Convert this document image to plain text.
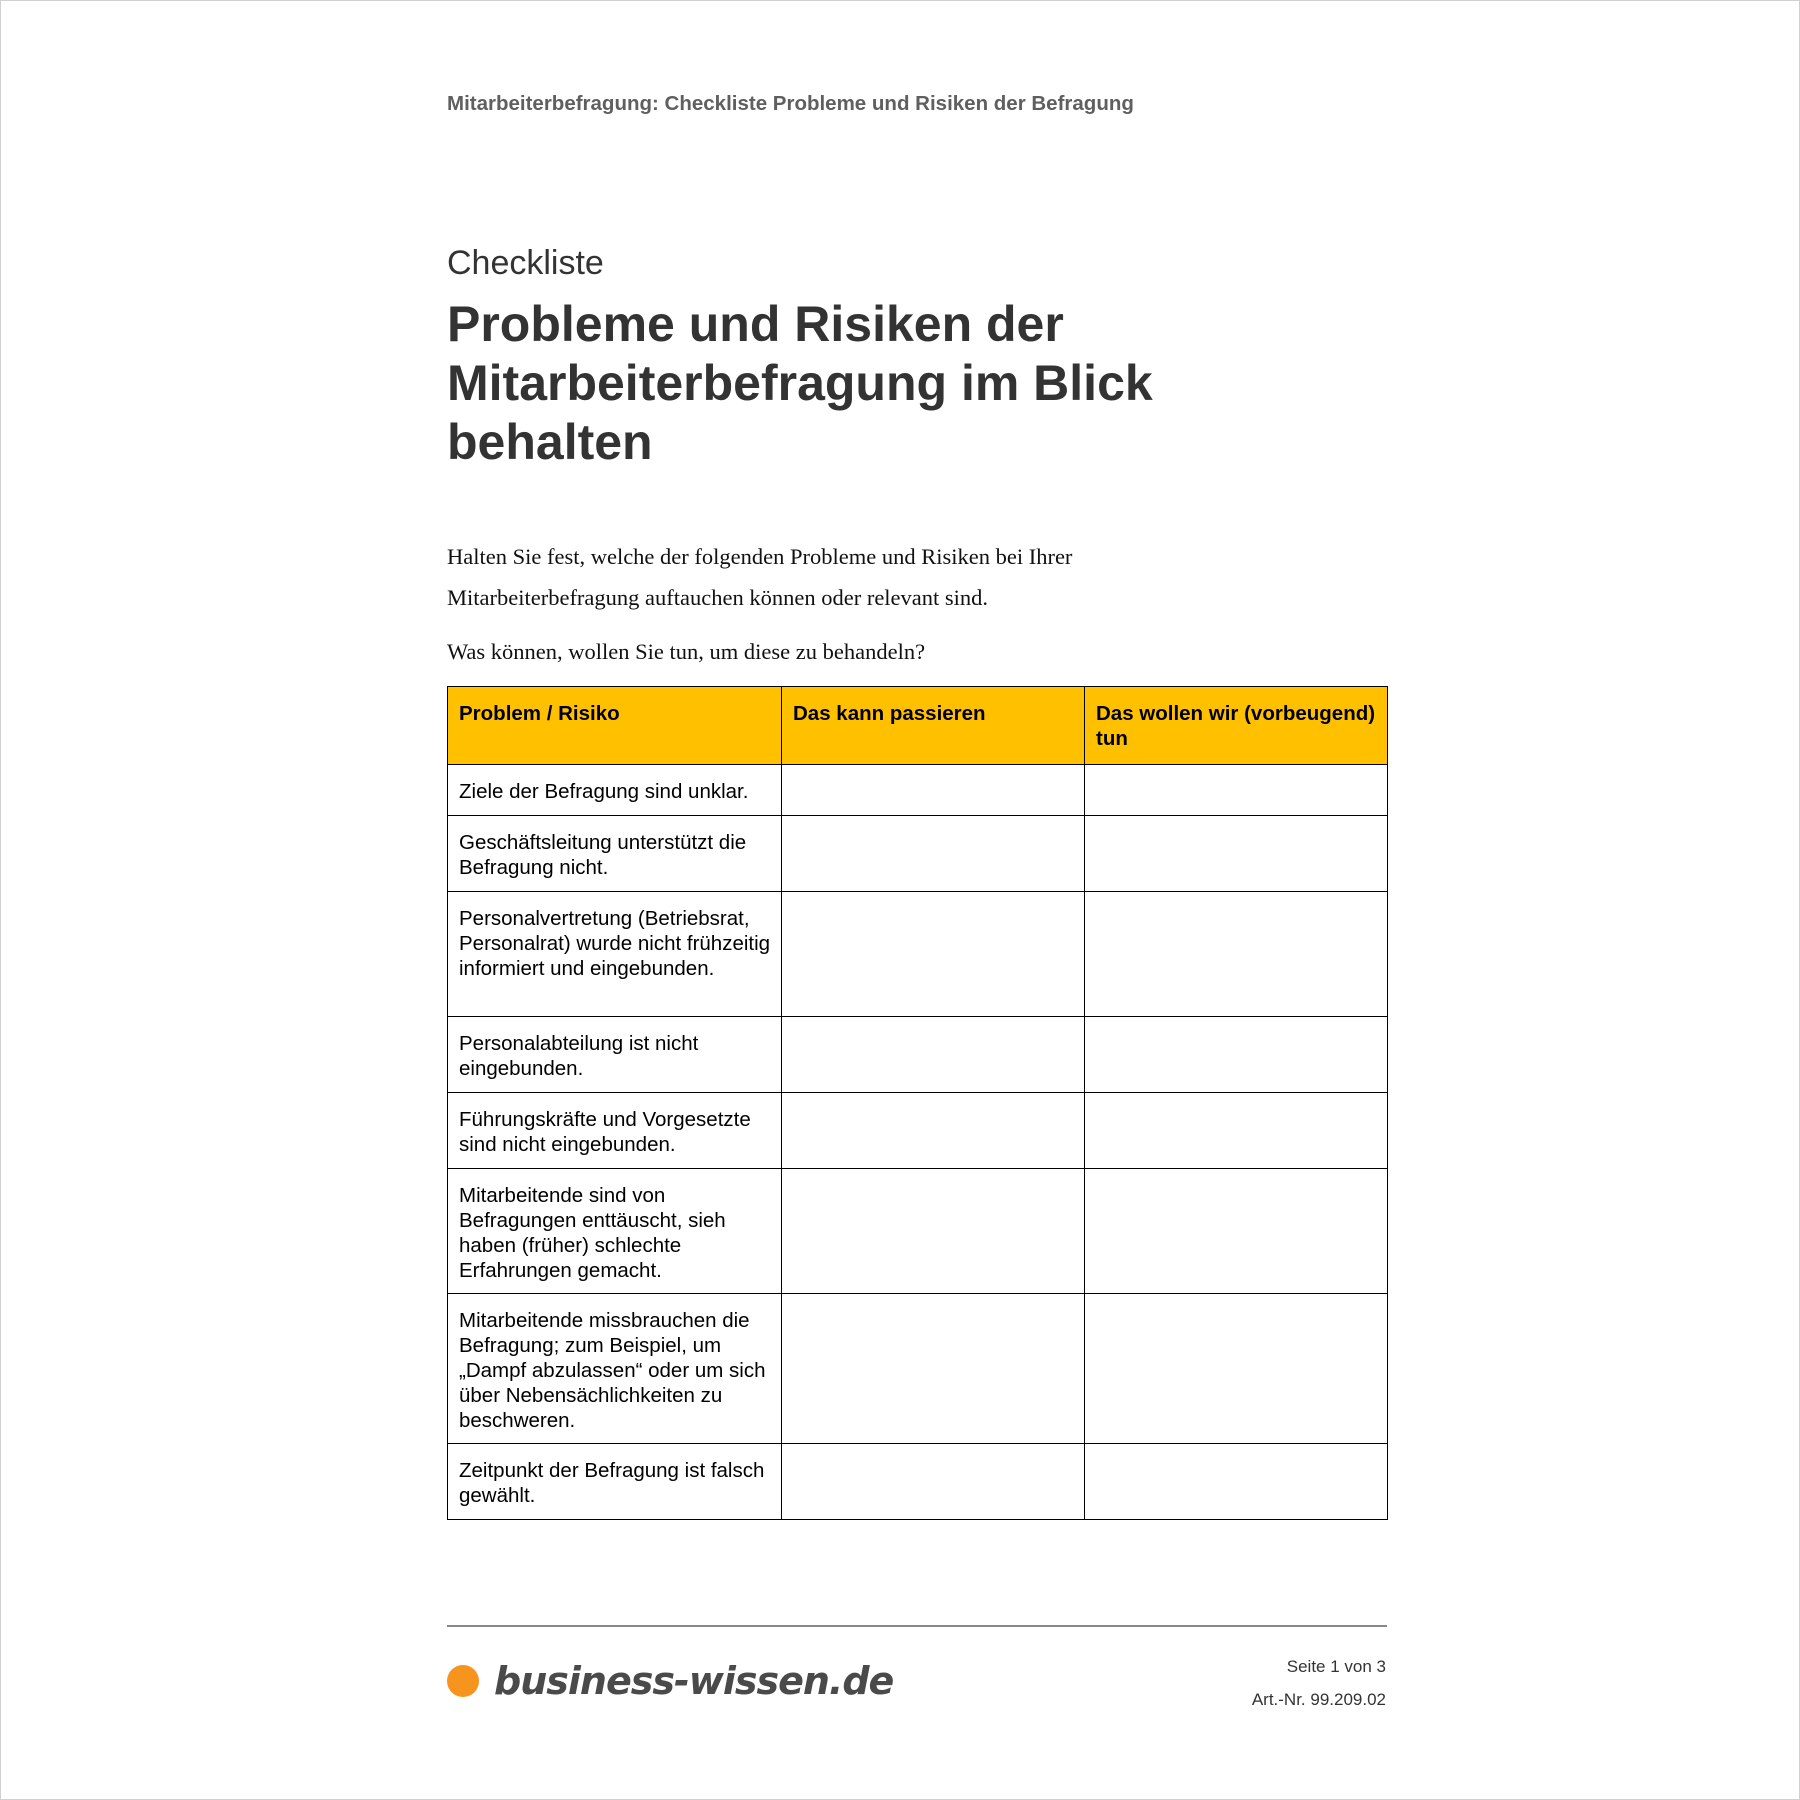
Mitarbeiterbefragung: Checkliste Probleme und Risiken der Befragung
Checkliste
Probleme und Risiken der Mitarbeiterbefragung im Blick behalten

Halten Sie fest, welche der folgenden Probleme und Risiken bei Ihrer Mitarbeiterbefragung auftauchen können oder relevant sind.

Was können, wollen Sie tun, um diese zu behandeln?

Problem / Risiko	Das kann passieren	Das wollen wir (vorbeugend) tun
Ziele der Befragung sind unklar.		
Geschäftsleitung unterstützt die Befragung nicht.		
Personalvertretung (Betriebsrat, Personalrat) wurde nicht frühzeitig informiert und eingebunden.		
Personalabteilung ist nicht eingebunden.		
Führungskräfte und Vorgesetzte sind nicht eingebunden.		
Mitarbeitende sind von Befragungen enttäuscht, sieh haben (früher) schlechte Erfahrungen gemacht.		
Mitarbeitende missbrauchen die Befragung; zum Beispiel, um „Dampf abzulassen“ oder um sich über Nebensächlichkeiten zu beschweren.		
Zeitpunkt der Befragung ist falsch gewählt.		
business-wissen.de	Seite 1 von 3
Art.-Nr. 99.209.02
